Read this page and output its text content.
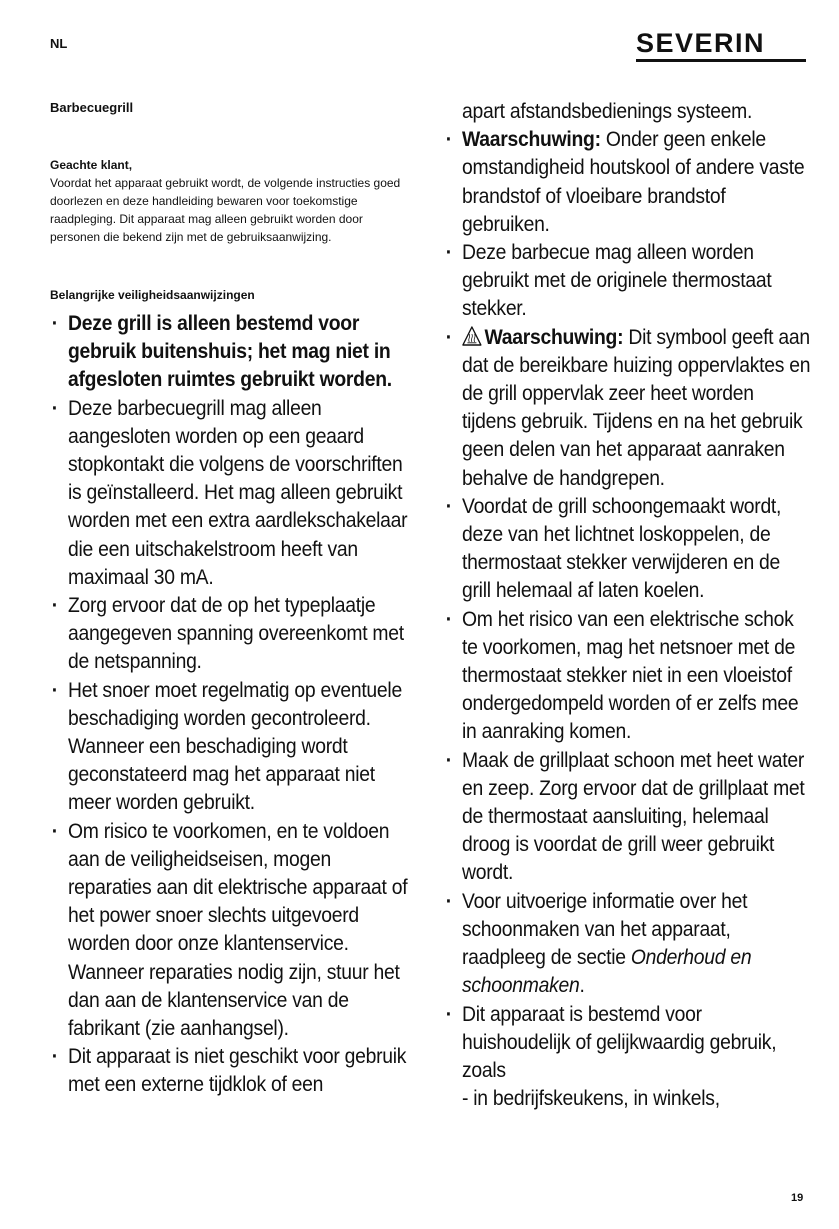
NL	SEVERIN
Barbecuegrill
Geachte klant,
Voordat het apparaat gebruikt wordt, de volgende instructies goed doorlezen en deze handleiding bewaren voor toekomstige raadpleging. Dit apparaat mag alleen gebruikt worden door personen die bekend zijn met de gebruiksaanwijzing.
Belangrijke veiligheidsaanwijzingen
· Deze grill is alleen bestemd voor gebruik buitenshuis; het mag niet in afgesloten ruimtes gebruikt worden.
· Deze barbecuegrill mag alleen aangesloten worden op een geaard stopkontakt die volgens de voorschriften is geïnstalleerd. Het mag alleen gebruikt worden met een extra aardlekschakelaar die een uitschakelstroom heeft van maximaal 30 mA.
· Zorg ervoor dat de op het typeplaatje aangegeven spanning overeenkomt met de netspanning.
· Het snoer moet regelmatig op eventuele beschadiging worden gecontroleerd. Wanneer een beschadiging wordt geconstateerd mag het apparaat niet meer worden gebruikt.
· Om risico te voorkomen, en te voldoen aan de veiligheidseisen, mogen reparaties aan dit elektrische apparaat of het power snoer slechts uitgevoerd worden door onze klantenservice. Wanneer reparaties nodig zijn, stuur het dan aan de klantenservice van de fabrikant (zie aanhangsel).
· Dit apparaat is niet geschikt voor gebruik met een externe tijdklok of een
apart afstandsbedienings systeem.
· Waarschuwing: Onder geen enkele omstandigheid houtskool of andere vaste brandstof of vloeibare brandstof gebruiken.
· Deze barbecue mag alleen worden gebruikt met de originele thermostaat stekker.
· Waarschuwing: Dit symbool geeft aan dat de bereikbare huizing oppervlaktes en de grill oppervlak zeer heet worden tijdens gebruik. Tijdens en na het gebruik geen delen van het apparaat aanraken behalve de handgrepen.
· Voordat de grill schoongemaakt wordt, deze van het lichtnet loskoppelen, de thermostaat stekker verwijderen en de grill helemaal af laten koelen.
· Om het risico van een elektrische schok te voorkomen, mag het netsnoer met de thermostaat stekker niet in een vloeistof ondergedompeld worden of er zelfs mee in aanraking komen.
· Maak de grillplaat schoon met heet water en zeep. Zorg ervoor dat de grillplaat met de thermostaat aansluiting, helemaal droog is voordat de grill weer gebruikt wordt.
· Voor uitvoerige informatie over het schoonmaken van het apparaat, raadpleeg de sectie Onderhoud en schoonmaken.
· Dit apparaat is bestemd voor huishoudelijk of gelijkwaardig gebruik, zoals
- in bedrijfskeukens, in winkels,
19
